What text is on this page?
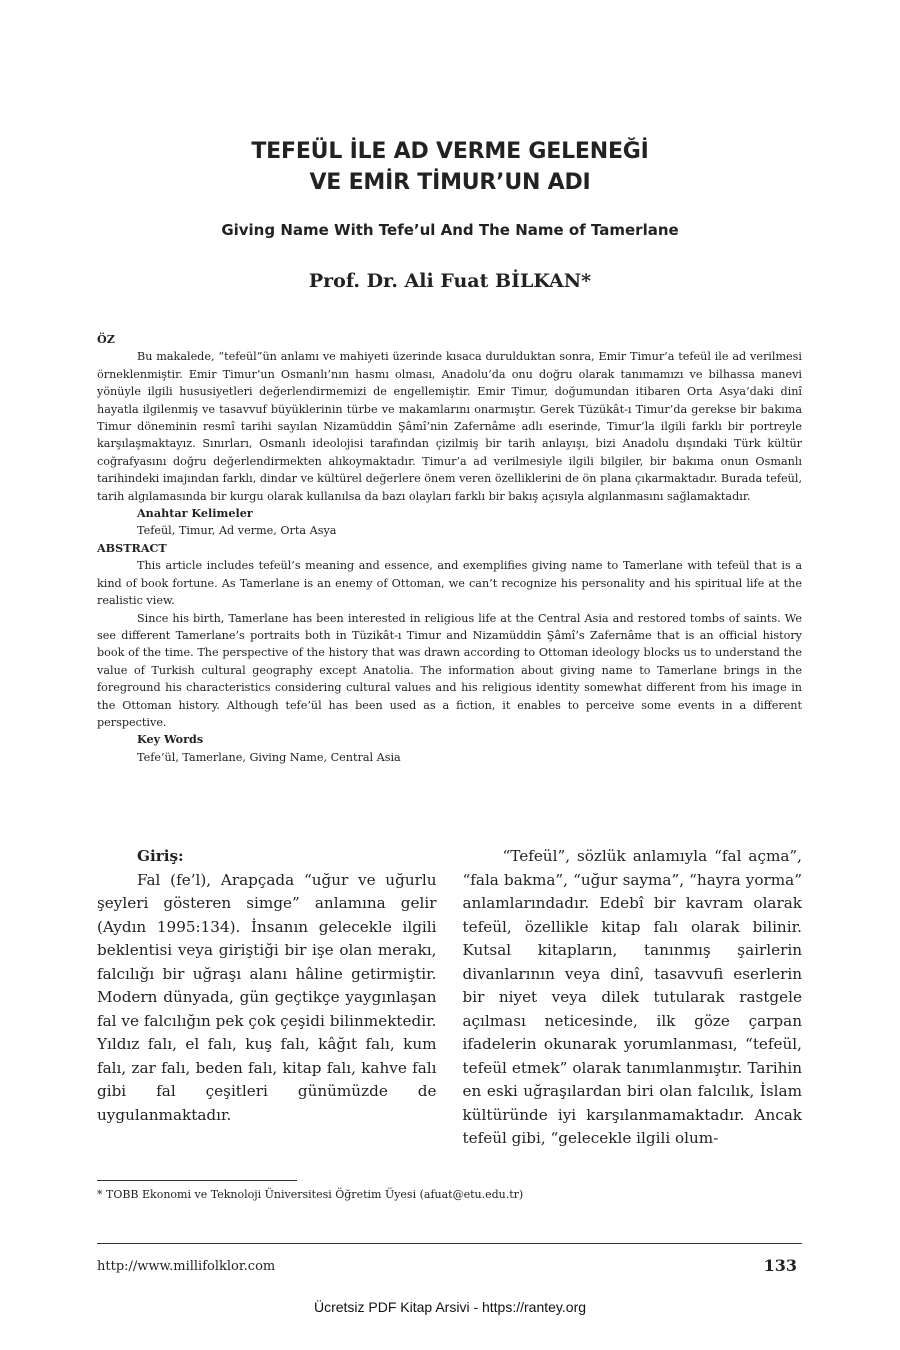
TEFEÜL İLE AD VERME GELENEĞİ
VE EMİR TİMUR’UN ADI
Giving Name With Tefe’ul And The Name of Tamerlane
Prof. Dr. Ali Fuat BİLKAN*

ÖZ

Bu makalede, “tefeül”ün anlamı ve mahiyeti üzerinde kısaca durulduktan sonra, Emir Timur’a tefeül ile ad verilmesi örneklenmiştir. Emir Timur’un Osmanlı’nın hasmı olması, Anadolu’da onu doğru olarak tanımamızı ve bilhassa manevi yönüyle ilgili hususiyetleri değerlendirmemizi de engellemiştir. Emir Timur, doğumundan itibaren Orta Asya’daki dinî hayatla ilgilenmiş ve tasavvuf büyüklerinin türbe ve makamlarını onarmıştır. Gerek Tüzükât-ı Timur’da gerekse bir bakıma Timur döneminin resmî tarihi sayılan Nizamüddin Şâmî’nin Zafernâme adlı eserinde, Timur’la ilgili farklı bir portreyle karşılaşmaktayız. Sınırları, Osmanlı ideolojisi tarafından çizilmiş bir tarih anlayışı, bizi Anadolu dışındaki Türk kültür coğrafyasını doğru değerlendirmekten alıkoymaktadır. Timur’a ad verilmesiyle ilgili bilgiler, bir bakıma onun Osmanlı tarihindeki imajından farklı, dindar ve kültürel değerlere önem veren özelliklerini de ön plana çıkarmaktadır. Burada tefeül, tarih algılamasında bir kurgu olarak kullanılsa da bazı olayları farklı bir bakış açısıyla algılanmasını sağlamaktadır.

Anahtar Kelimeler

Tefeül, Timur, Ad verme, Orta Asya

ABSTRACT

This article includes tefeül’s meaning and essence, and exemplifies giving name to Tamerlane with tefeül that is a kind of book fortune. As Tamerlane is an enemy of Ottoman, we can’t recognize his personality and his spiritual life at the realistic view.

Since his birth, Tamerlane has been interested in religious life at the Central Asia and restored tombs of saints. We see different Tamerlane’s portraits both in Tüzikât-ı Timur and Nizamüddin Şâmî’s Zafernâme that is an official history book of the time. The perspective of the history that was drawn according to Ottoman ideology blocks us to understand the value of Turkish cultural geography except Anatolia. The information about giving name to Tamerlane brings in the foreground his characteristics considering cultural values and his religious identity somewhat different from his image in the Ottoman history. Although tefe’ül has been used as a fiction, it enables to perceive some events in a different perspective.

Key Words

Tefe’ül, Tamerlane, Giving Name, Central Asia

Giriş:

Fal (fe’l), Arapçada “uğur ve uğurlu şeyleri gösteren simge” anlamına gelir (Aydın 1995:134). İnsanın gelecekle ilgili beklentisi veya giriştiği bir işe olan merakı, falcılığı bir uğraşı alanı hâline getirmiştir. Modern dünyada, gün geçtikçe yaygınlaşan fal ve falcılığın pek çok çeşidi bilinmektedir. Yıldız falı, el falı, kuş falı, kâğıt falı, kum falı, zar falı, beden falı, kitap falı, kahve falı gibi fal çeşitleri günümüzde de uygulanmaktadır.

“Tefeül”, sözlük anlamıyla “fal açma”, “fala bakma”, “uğur sayma”, “hayra yorma” anlamlarındadır. Edebî bir kavram olarak tefeül, özellikle kitap falı olarak bilinir. Kutsal kitapların, tanınmış şairlerin divanlarının veya dinî, tasavvufi eserlerin bir niyet veya dilek tutularak rastgele açılması neticesinde, ilk göze çarpan ifadelerin okunarak yorumlanması, “tefeül, tefeül etmek” olarak tanımlanmıştır. Tarihin en eski uğraşılardan biri olan falcılık, İslam kültüründe iyi karşılanmamaktadır. Ancak tefeül gibi, “gelecekle ilgili olum-

* TOBB Ekonomi ve Teknoloji Üniversitesi Öğretim Üyesi (afuat@etu.edu.tr)
http://www.millifolklor.com	133
Ücretsiz PDF Kitap Arsivi - https://rantey.org
